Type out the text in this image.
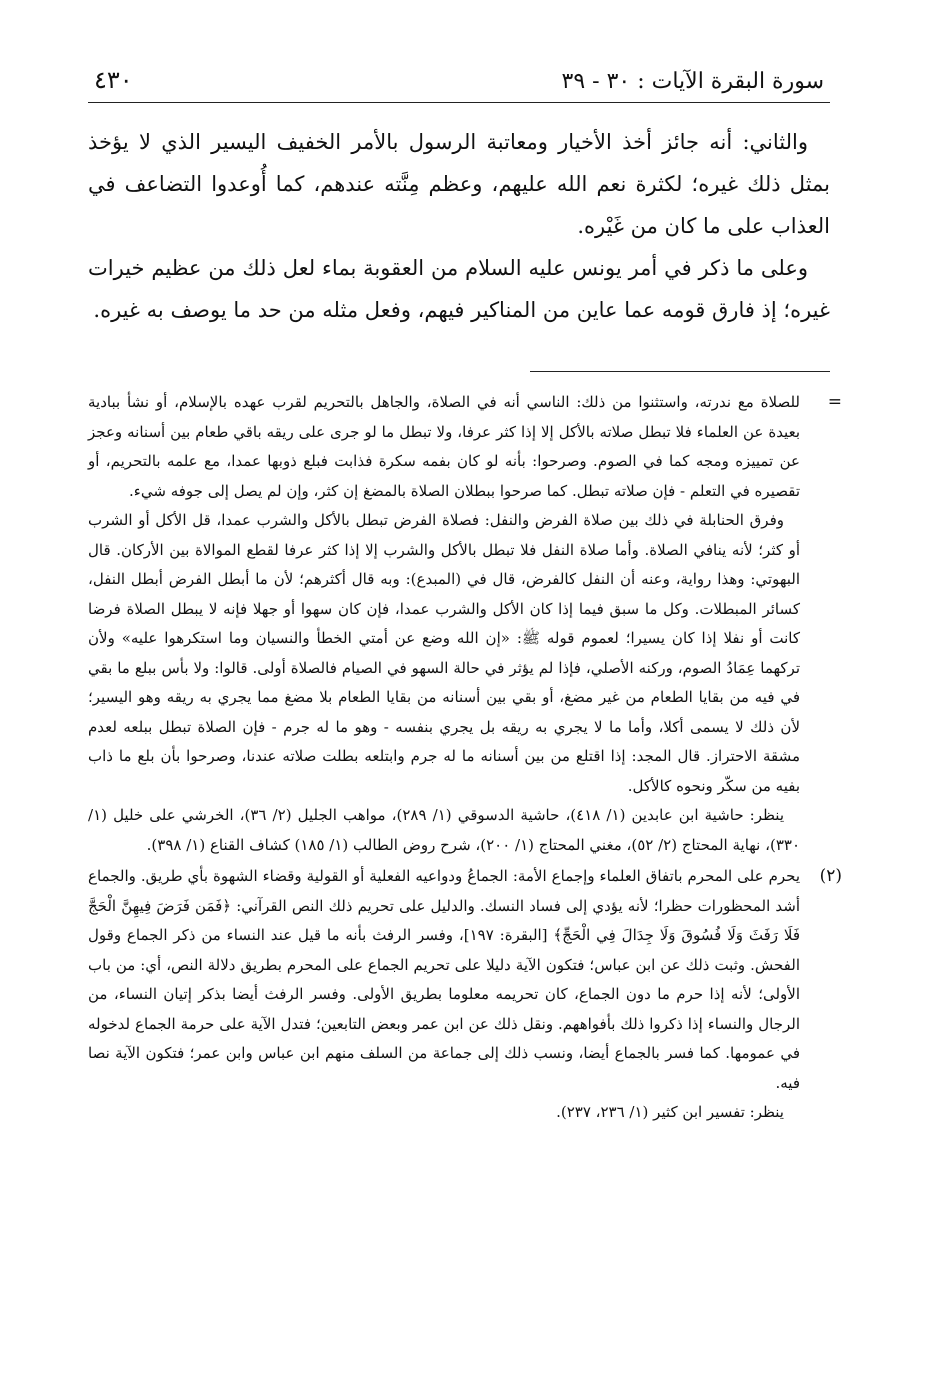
سورة البقرة الآيات : ٣٠ - ٣٩
٤٣٠

والثاني: أنه جائز أخذ الأخيار ومعاتبة الرسول بالأمر الخفيف اليسير الذي لا يؤخذ بمثل ذلك غيره؛ لكثرة نعم الله عليهم، وعظم مِنَّته عندهم، كما أُوعدوا التضاعف في العذاب على ما كان من غَيْره.

وعلى ما ذكر في أمر يونس عليه السلام من العقوبة بماء لعل ذلك من عظيم خيرات غيره؛ إذ فارق قومه عما عاين من المناكير فيهم، وفعل مثله من حد ما يوصف به غيره.

=

للصلاة مع ندرته، واستثنوا من ذلك: الناسي أنه في الصلاة، والجاهل بالتحريم لقرب عهده بالإسلام، أو نشأ ببادية بعيدة عن العلماء فلا تبطل صلاته بالأكل إلا إذا كثر عرفا، ولا تبطل ما لو جرى على ريقه باقي طعام بين أسنانه وعجز عن تمييزه ومجه كما في الصوم. وصرحوا: بأنه لو كان بفمه سكرة فذابت فبلع ذوبها عمدا، مع علمه بالتحريم، أو تقصيره في التعلم - فإن صلاته تبطل. كما صرحوا ببطلان الصلاة بالمضغ إن كثر، وإن لم يصل إلى جوفه شيء.

وفرق الحنابلة في ذلك بين صلاة الفرض والنفل: فصلاة الفرض تبطل بالأكل والشرب عمدا، قل الأكل أو الشرب أو كثر؛ لأنه ينافي الصلاة. وأما صلاة النفل فلا تبطل بالأكل والشرب إلا إذا كثر عرفا لقطع الموالاة بين الأركان. قال البهوتي: وهذا رواية، وعنه أن النفل كالفرض، قال في (المبدع): وبه قال أكثرهم؛ لأن ما أبطل الفرض أبطل النفل، كسائر المبطلات. وكل ما سبق فيما إذا كان الأكل والشرب عمدا، فإن كان سهوا أو جهلا فإنه لا يبطل الصلاة فرضا كانت أو نفلا إذا كان يسيرا؛ لعموم قوله ﷺ: «إن الله وضع عن أمتي الخطأ والنسيان وما استكرهوا عليه» ولأن تركهما عِمَادُ الصوم، وركنه الأصلي، فإذا لم يؤثر في حالة السهو في الصيام فالصلاة أولى. قالوا: ولا بأس ببلع ما بقي في فيه من بقايا الطعام من غير مضغ، أو بقي بين أسنانه من بقايا الطعام بلا مضغ مما يجري به ريقه وهو اليسير؛ لأن ذلك لا يسمى أكلا، وأما ما لا يجري به ريقه بل يجري بنفسه - وهو ما له جرم - فإن الصلاة تبطل ببلعه لعدم مشقة الاحتراز. قال المجد: إذا اقتلع من بين أسنانه ما له جرم وابتلعه بطلت صلاته عندنا، وصرحوا بأن بلع ما ذاب بفيه من سكّر ونحوه كالأكل.

ينظر: حاشية ابن عابدين (١/ ٤١٨)، حاشية الدسوقي (١/ ٢٨٩)، مواهب الجليل (٢/ ٣٦)، الخرشي على خليل (١/ ٣٣٠)، نهاية المحتاج (٢/ ٥٢)، مغني المحتاج (١/ ٢٠٠)، شرح روض الطالب (١/ ١٨٥) كشاف القناع (١/ ٣٩٨).

(٢)

يحرم على المحرم باتفاق العلماء وإجماع الأمة: الجماعُ ودواعيه الفعلية أو القولية وقضاء الشهوة بأي طريق. والجماع أشد المحظورات حظرا؛ لأنه يؤدي إلى فساد النسك. والدليل على تحريم ذلك النص القرآني: ﴿فَمَن فَرَضَ فِيهِنَّ الْحَجَّ فَلَا رَفَثَ وَلَا فُسُوقَ وَلَا جِدَالَ فِي الْحَجِّ﴾ [البقرة: ١٩٧]، وفسر الرفث بأنه ما قيل عند النساء من ذكر الجماع وقول الفحش. وثبت ذلك عن ابن عباس؛ فتكون الآية دليلا على تحريم الجماع على المحرم بطريق دلالة النص، أي: من باب الأولى؛ لأنه إذا حرم ما دون الجماع، كان تحريمه معلوما بطريق الأولى. وفسر الرفث أيضا بذكر إتيان النساء، من الرجال والنساء إذا ذكروا ذلك بأفواههم. ونقل ذلك عن ابن عمر وبعض التابعين؛ فتدل الآية على حرمة الجماع لدخوله في عمومها. كما فسر بالجماع أيضا، ونسب ذلك إلى جماعة من السلف منهم ابن عباس وابن عمر؛ فتكون الآية نصا فيه.

ينظر: تفسير ابن كثير (١/ ٢٣٦، ٢٣٧).
